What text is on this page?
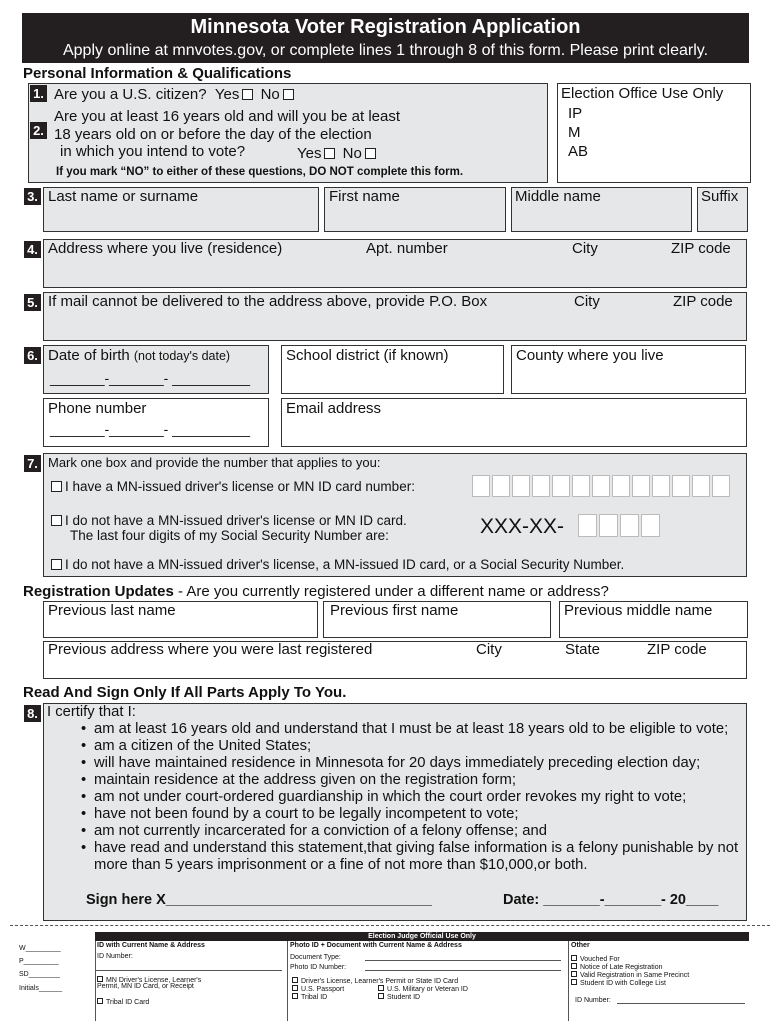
Minnesota Voter Registration Application
Apply online at mnvotes.gov, or complete lines 1 through 8 of this form. Please print clearly.
Personal Information & Qualifications
1. Are you a U.S. citizen? Yes No
Are you at least 16 years old and will you be at least
2. 18 years old on or before the day of the election
in which you intend to vote?	Yes No
If you mark “NO” to either of these questions, DO NOT complete this form.
Election Office Use Only
IP
M
AB
3. Last name or surname	First name	Middle name	Suffix
4. Address where you live (residence)	Apt. number	City	ZIP code
5. If mail cannot be delivered to the address above, provide P.O. Box	City	ZIP code
6. Date of birth (not today's date)
_______-_______- __________
School district (if known)	County where you live
Phone number
_______-_______- __________
Email address
7. Mark one box and provide the number that applies to you:
I have a MN-issued driver's license or MN ID card number:
I do not have a MN-issued driver's license or MN ID card.
The last four digits of my Social Security Number are:	XXX-XX-
I do not have a MN-issued driver's license, a MN-issued ID card, or a Social Security Number.
Registration Updates - Are you currently registered under a different name or address?
Previous last name	Previous first name	Previous middle name
Previous address where you were last registered	City	State	ZIP code
Read And Sign Only If All Parts Apply To You.
8. I certify that I:
• am at least 16 years old and understand that I must be at least 18 years old to be eligible to vote;
• am a citizen of the United States;
• will have maintained residence in Minnesota for 20 days immediately preceding election day;
• maintain residence at the address given on the registration form;
• am not under court-ordered guardianship in which the court order revokes my right to vote;
• have not been found by a court to be legally incompetent to vote;
• am not currently incarcerated for a conviction of a felony offense; and
• have read and understand this statement,that giving false information is a felony punishable by not more than 5 years imprisonment or a fine of not more than $10,000,or both.
Sign here X_________________________________	Date: _______-_______- 20____
Election Judge Official Use Only
W_________
P_________
SD________
Initials______
ID with Current Name & Address
ID Number:
MN Driver's License, Learner's
Permit, MN ID Card, or Receipt
Tribal ID Card
Photo ID + Document with Current Name & Address
Document Type:
Photo ID Number:
Driver's License, Learner's Permit or State ID Card
U.S. Passport	U.S. Military or Veteran ID
Tribal ID	Student ID
Other
Vouched For
Notice of Late Registration
Valid Registration in Same Precinct
Student ID with College List
ID Number:
